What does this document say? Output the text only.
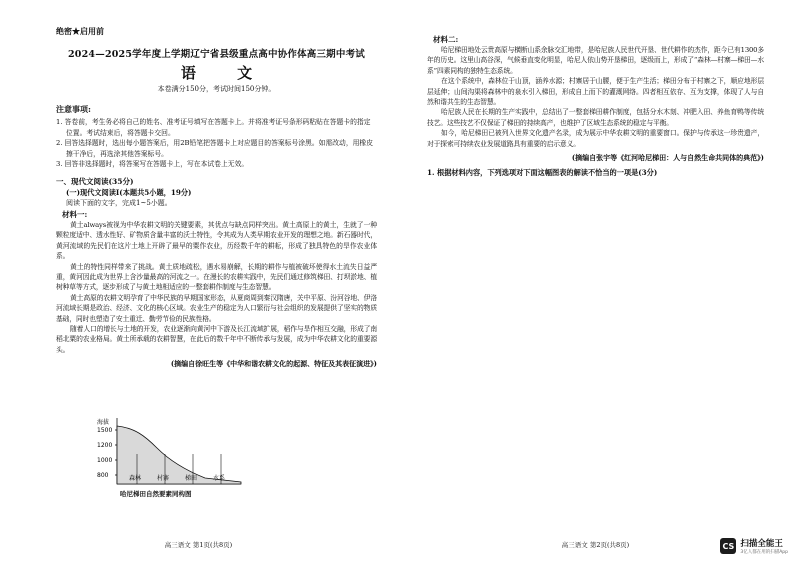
绝密★启用前
2024—2025学年度上学期辽宁省县级重点高中协作体高三期中考试
语 文
本卷满分150分，考试时间150分钟。
注意事项:
1. 答卷前，考生务必将自己的姓名、准考证号填写在答题卡上。并将准考证号条形码粘贴在答题卡的指定位置。考试结束后，将答题卡交回。
2. 回答选择题时，选出每小题答案后，用2B铅笔把答题卡上对应题目的答案标号涂黑。如需改动，用橡皮擦干净后，再选涂其他答案标号。
3. 回答非选择题时，将答案写在答题卡上，写在本试卷上无效。
一、现代文阅读(35分)
(一)现代文阅读Ⅰ(本题共5小题，19分)
阅读下面的文字，完成1~5小题。
材料一:
黄土always被视为中华农耕文明的关键要素，其优点与缺点同样突出。黄土高原上的黄土，生就了一种颗粒度适中、透水性好、矿物质含量丰富的沃土特性，令其成为人类早期农业开发的理想之地。新石器时代，黄河流域的先民们在这片土地上开辟了最早的粟作农业，历经数千年的耕耘，形成了独具特色的旱作农业体系。
黄土的特性同样带来了挑战。黄土质地疏松，遇水易崩解，长期的耕作与植被破坏使得水土流失日益严重，黄河因此成为世界上含沙量最高的河流之一。在漫长的农耕实践中，先民们通过修筑梯田、打坝淤地、植树种草等方式，逐步形成了与黄土地相适应的一整套耕作制度与生态智慧。
黄土高原的农耕文明孕育了中华民族的早期国家形态，从夏商周到秦汉隋唐，关中平原、汾河谷地、伊洛河流域长期是政治、经济、文化的核心区域。农业生产的稳定为人口繁衍与社会组织的发展提供了坚实的物质基础，同时也塑造了安土重迁、勤劳节俭的民族性格。
随着人口的增长与土地的开发，农业逐渐向黄河中下游及长江流域扩展，稻作与旱作相互交融，形成了南稻北粟的农业格局。黄土所承载的农耕智慧，在此后的数千年中不断传承与发展，成为中华农耕文化的重要源头。
(摘编自徐旺生等《中华和谐农耕文化的起源、特征及其表征演进》)
高三语文 第1页(共8页)
材料二:
哈尼梯田地处云贵高原与横断山系余脉交汇地带，是哈尼族人民世代开垦、世代耕作的杰作，距今已有1300多年的历史。这里山高谷深，气候垂直变化明显，哈尼人依山势开垦梯田，逐级而上，形成了“森林—村寨—梯田—水系”四素同构的独特生态系统。
在这个系统中，森林位于山顶，涵养水源；村寨居于山腰，便于生产生活；梯田分布于村寨之下，顺应地形层层延伸；山间沟渠将森林中的泉水引入梯田，形成自上而下的灌溉网络。四者相互依存、互为支撑，体现了人与自然和谐共生的生态智慧。
哈尼族人民在长期的生产实践中，总结出了一整套梯田耕作制度，包括分水木刻、冲肥入田、养鱼育鸭等传统技艺。这些技艺不仅保证了梯田的持续高产，也维护了区域生态系统的稳定与平衡。
如今，哈尼梯田已被列入世界文化遗产名录，成为展示中华农耕文明的重要窗口。保护与传承这一珍贵遗产，对于探索可持续农业发展道路具有重要的启示意义。
(摘编自张宇等《红河哈尼梯田：人与自然生命共同体的典范》)
1. 根据材料内容，下列选项对下面这幅图表的解读不恰当的一项是(3分)
高三语文 第2页(共8页)
海拔
1500
1200
1000
800	森林	村寨	梯田	水系
哈尼梯田自然要素同构图
CS 扫描全能王
3亿人都在用的扫描App
